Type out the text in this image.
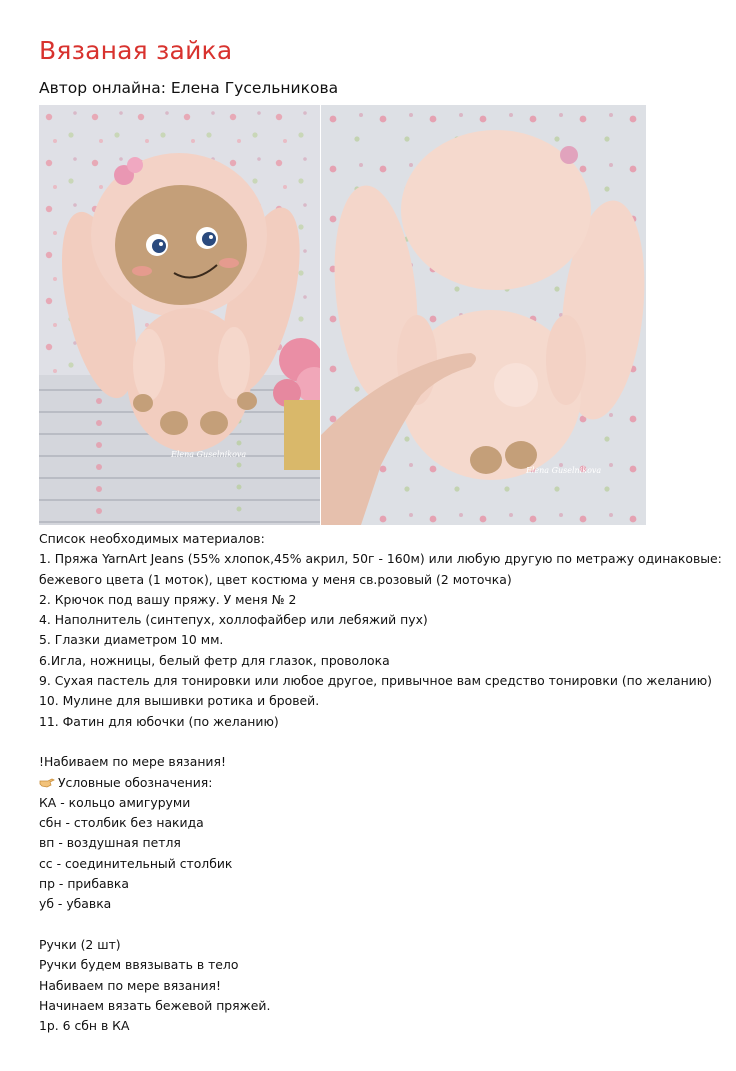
Вязаная зайка
Автор онлайна: Елена Гусельникова
Elena Guselnikova
Elena Guselnikova
Список необходимых материалов:
1. Пряжа YarnArt Jeans (55% хлопок,45% акрил, 50г - 160м) или любую другую по метражу одинаковые:
бежевого цвета (1 моток), цвет костюма у меня св.розовый (2 моточка)
2. Крючок под вашу пряжу. У меня № 2
4. Наполнитель (синтепух, холлофайбер или лебяжий пух)
5. Глазки диаметром 10 мм.
6.Игла, ножницы, белый фетр для глазок, проволока
9. Сухая пастель для тонировки или любое другое, привычное вам средство тонировки (по желанию)
10. Мулине для вышивки ротика и бровей.
11. Фатин для юбочки (по желанию)
!Набиваем по мере вязания!
Условные обозначения:
КА - кольцо амигуруми
сбн - столбик без накида
вп - воздушная петля
сс - соединительный столбик
пр - прибавка
уб - убавка
Ручки (2 шт)
Ручки будем ввязывать в тело
Набиваем по мере вязания!
Начинаем вязать бежевой пряжей.
1р. 6 сбн в КА
